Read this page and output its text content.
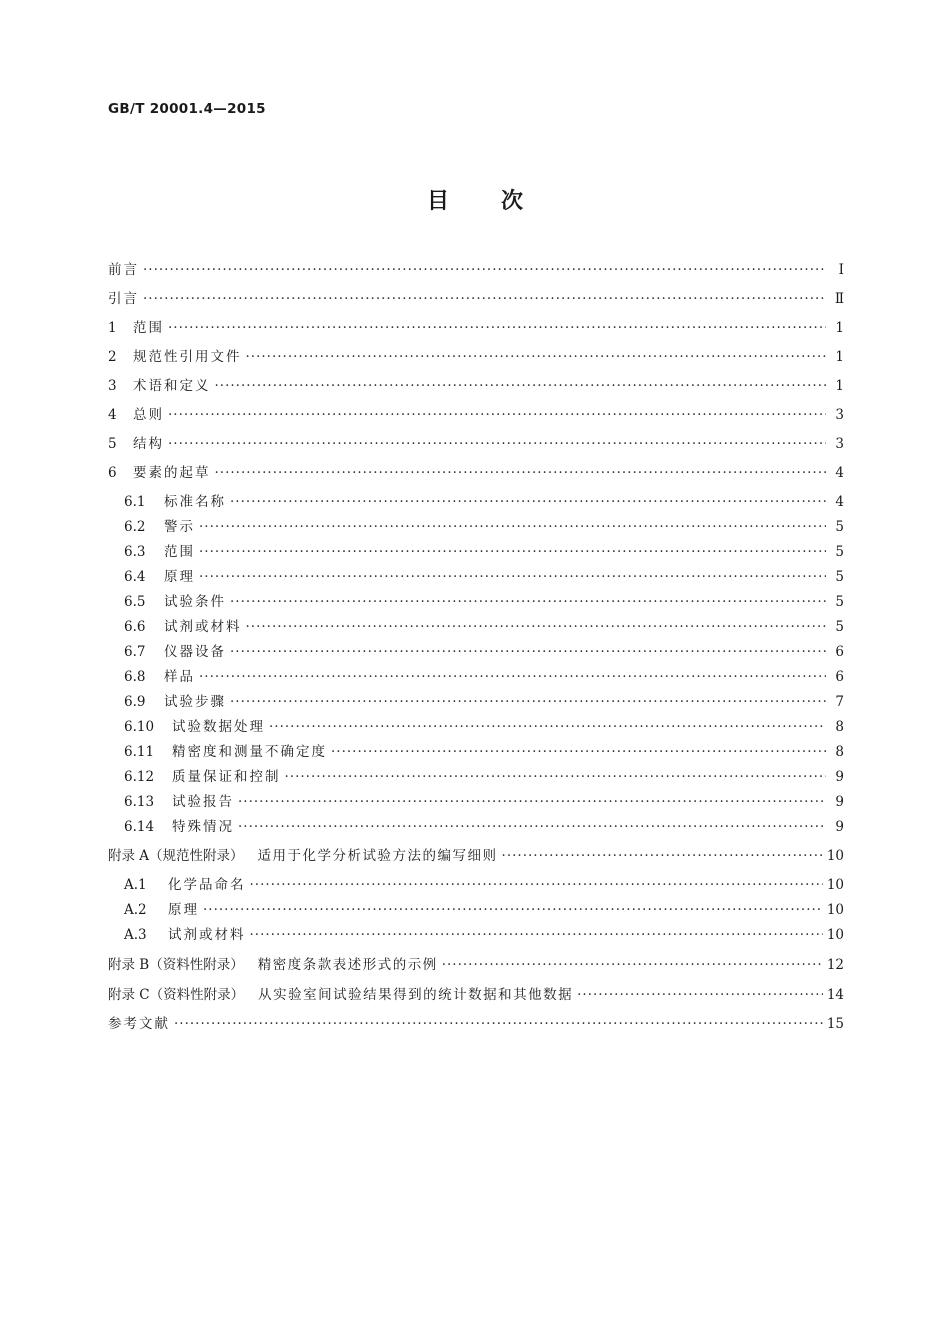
GB/T 20001.4—2015
目 次
前言 ·····	Ⅰ
引言 ·····	Ⅱ
1	范围 ·····	1
2	规范性引用文件 ·····	1
3	术语和定义 ·····	1
4	总则 ·····	3
5	结构 ·····	3
6	要素的起草 ·····	4
6.1	标准名称 ·····	4
6.2	警示 ·····	5
6.3	范围 ·····	5
6.4	原理 ·····	5
6.5	试验条件 ·····	5
6.6	试剂或材料 ·····	5
6.7	仪器设备 ·····	6
6.8	样品 ·····	6
6.9	试验步骤 ·····	7
6.10	试验数据处理 ·····	8
6.11	精密度和测量不确定度 ·····	8
6.12	质量保证和控制 ·····	9
6.13	试验报告 ·····	9
6.14	特殊情况 ·····	9
附录 A（规范性附录） 适用于化学分析试验方法的编写细则 ·····	10
A.1	化学品命名 ·····	10
A.2	原理 ·····	10
A.3	试剂或材料 ·····	10
附录 B（资料性附录） 精密度条款表述形式的示例 ·····	12
附录 C（资料性附录） 从实验室间试验结果得到的统计数据和其他数据 ·····	14
参考文献 ·····	15
